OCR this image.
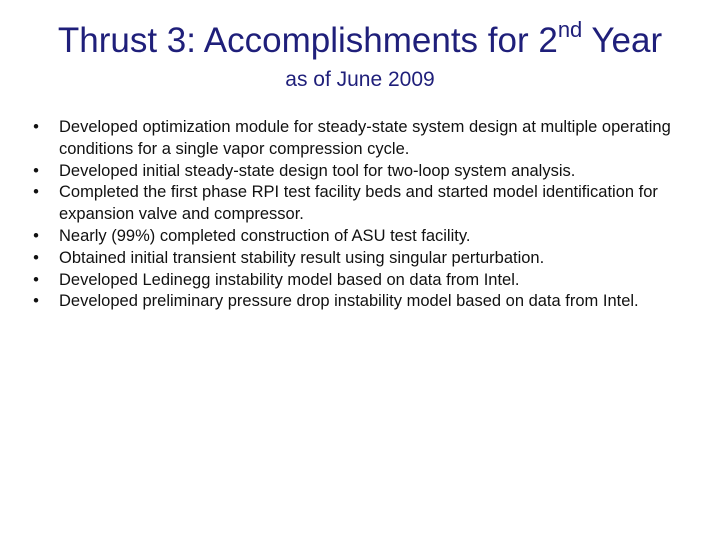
Thrust 3: Accomplishments for 2nd Year
as of June 2009
• Developed optimization module for steady-state system design at multiple operating conditions for a single vapor compression cycle.
• Developed initial steady-state design tool for two-loop system analysis.
• Completed the first phase RPI test facility beds and started model identification for expansion valve and compressor.
• Nearly (99%) completed construction of ASU test facility.
• Obtained initial transient stability result using singular perturbation.
• Developed Ledinegg instability model based on data from Intel.
• Developed preliminary pressure drop instability model based on data from Intel.
